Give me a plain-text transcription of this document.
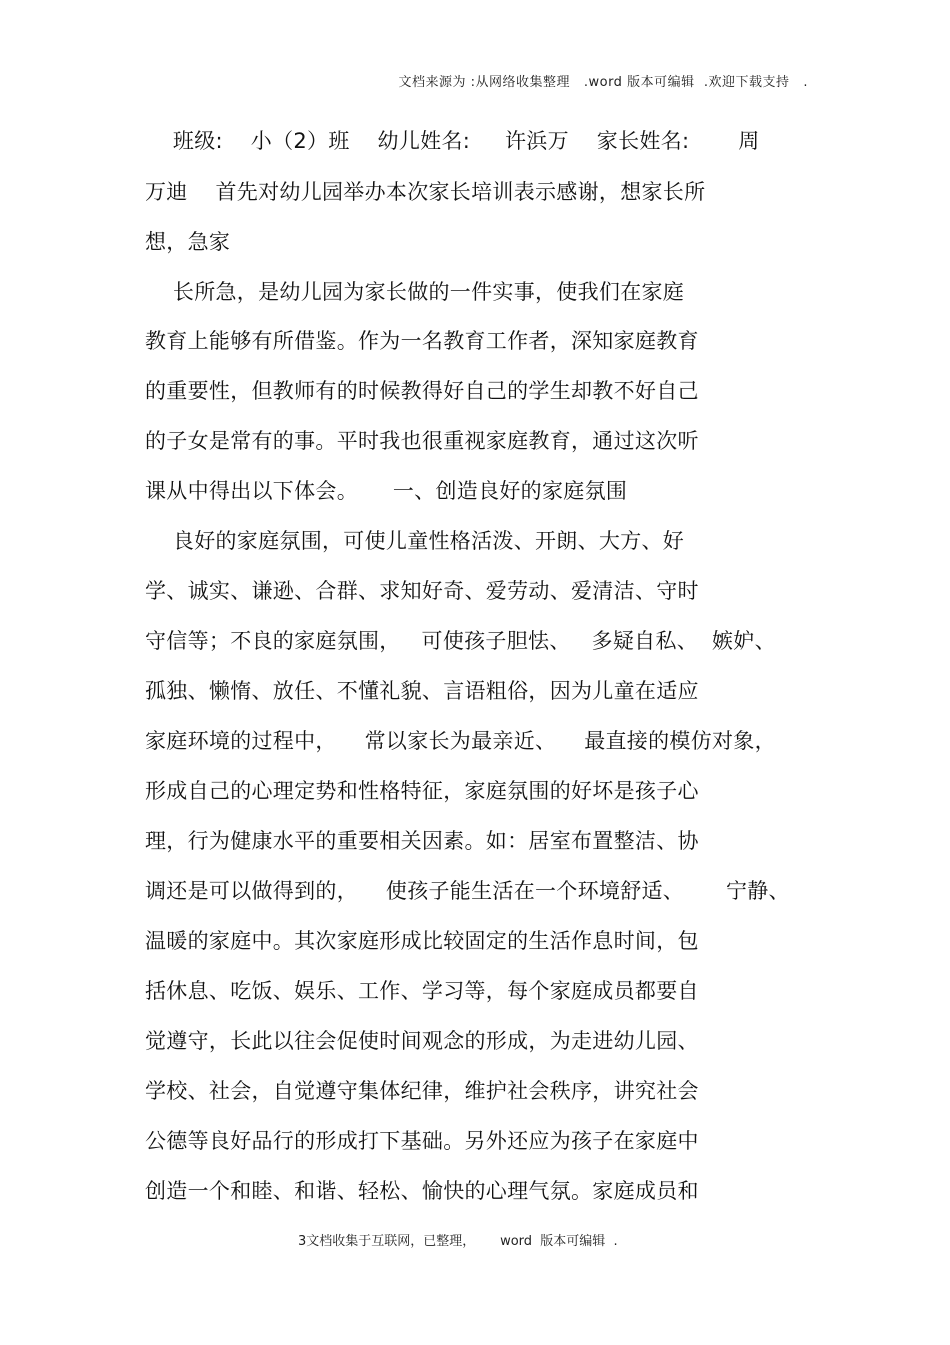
文档来源为 :从网络收集整理   .word 版本可编辑  .欢迎下载支持   .
班级:    小（2）班    幼儿姓名:     许浜万    家长姓名:       周
万迪    首先对幼儿园举办本次家长培训表示感谢，想家长所
想，急家
长所急，是幼儿园为家长做的一件实事，使我们在家庭
教育上能够有所借鉴。作为一名教育工作者，深知家庭教育
的重要性，但教师有的时候教得好自己的学生却教不好自己
的子女是常有的事。平时我也很重视家庭教育，通过这次听
课从中得出以下体会。     一、创造良好的家庭氛围
良好的家庭氛围，可使儿童性格活泼、开朗、大方、好
学、诚实、谦逊、合群、求知好奇、爱劳动、爱清洁、守时
守信等；不良的家庭氛围，   可使孩子胆怯、   多疑自私、  嫉妒、
孤独、懒惰、放任、不懂礼貌、言语粗俗，因为儿童在适应
家庭环境的过程中，    常以家长为最亲近、    最直接的模仿对象，
形成自己的心理定势和性格特征，家庭氛围的好坏是孩子心
理，行为健康水平的重要相关因素。如：居室布置整洁、协
调还是可以做得到的，    使孩子能生活在一个环境舒适、      宁静、
温暖的家庭中。其次家庭形成比较固定的生活作息时间，包
括休息、吃饭、娱乐、工作、学习等，每个家庭成员都要自
觉遵守，长此以往会促使时间观念的形成，为走进幼儿园、
学校、社会，自觉遵守集体纪律，维护社会秩序，讲究社会
公德等良好品行的形成打下基础。另外还应为孩子在家庭中
创造一个和睦、和谐、轻松、愉快的心理气氛。家庭成员和
3文档收集于互联网，已整理，      word  版本可编辑  .
